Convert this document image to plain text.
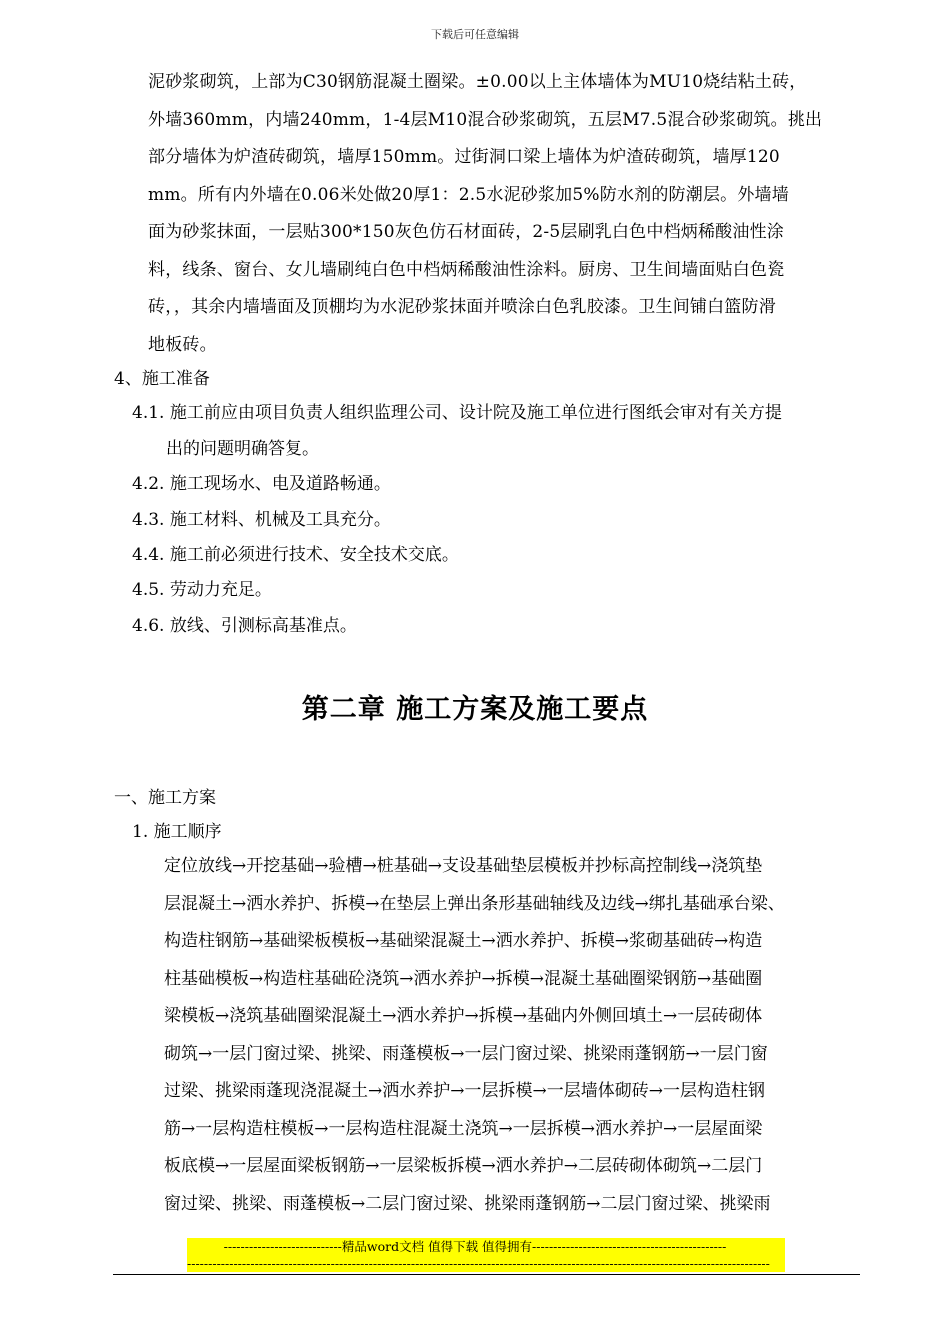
下载后可任意编辑
泥砂浆砌筑，上部为C30钢筋混凝土圈梁。±0.00以上主体墙体为MU10烧结粘土砖，
外墙360mm，内墙240mm，1-4层M10混合砂浆砌筑，五层M7.5混合砂浆砌筑。挑出
部分墙体为炉渣砖砌筑，墙厚150mm。过街洞口梁上墙体为炉渣砖砌筑，墙厚120
mm。所有内外墙在0.06米处做20厚1：2.5水泥砂浆加5%防水剂的防潮层。外墙墙
面为砂浆抹面，一层贴300*150灰色仿石材面砖，2-5层刷乳白色中档炳稀酸油性涂
料，线条、窗台、女儿墙刷纯白色中档炳稀酸油性涂料。厨房、卫生间墙面贴白色瓷
砖，，其余内墙墙面及顶棚均为水泥砂浆抹面并喷涂白色乳胶漆。卫生间铺白篮防滑
地板砖。
4、施工准备
4.1. 施工前应由项目负责人组织监理公司、设计院及施工单位进行图纸会审对有关方提
出的问题明确答复。
4.2. 施工现场水、电及道路畅通。
4.3. 施工材料、机械及工具充分。
4.4. 施工前必须进行技术、安全技术交底。
4.5. 劳动力充足。
4.6. 放线、引测标高基准点。
第二章 施工方案及施工要点
一、施工方案
1. 施工顺序
定位放线→开挖基础→验槽→桩基础→支设基础垫层模板并抄标高控制线→浇筑垫
层混凝土→洒水养护、拆模→在垫层上弹出条形基础轴线及边线→绑扎基础承台梁、
构造柱钢筋→基础梁板模板→基础梁混凝土→洒水养护、拆模→浆砌基础砖→构造
柱基础模板→构造柱基础砼浇筑→洒水养护→拆模→混凝土基础圈梁钢筋→基础圈
梁模板→浇筑基础圈梁混凝土→洒水养护→拆模→基础内外侧回填土→一层砖砌体
砌筑→一层门窗过梁、挑梁、雨蓬模板→一层门窗过梁、挑梁雨蓬钢筋→一层门窗
过梁、挑梁雨蓬现浇混凝土→洒水养护→一层拆模→一层墙体砌砖→一层构造柱钢
筋→一层构造柱模板→一层构造柱混凝土浇筑→一层拆模→洒水养护→一层屋面梁
板底模→一层屋面梁板钢筋→一层梁板拆模→洒水养护→二层砖砌体砌筑→二层门
窗过梁、挑梁、雨蓬模板→二层门窗过梁、挑梁雨蓬钢筋→二层门窗过梁、挑梁雨
----------------------------精品word文档 值得下载 值得拥有----------------------------------------------
------------------------------------------------------------------------------------------------------------------------------------------
